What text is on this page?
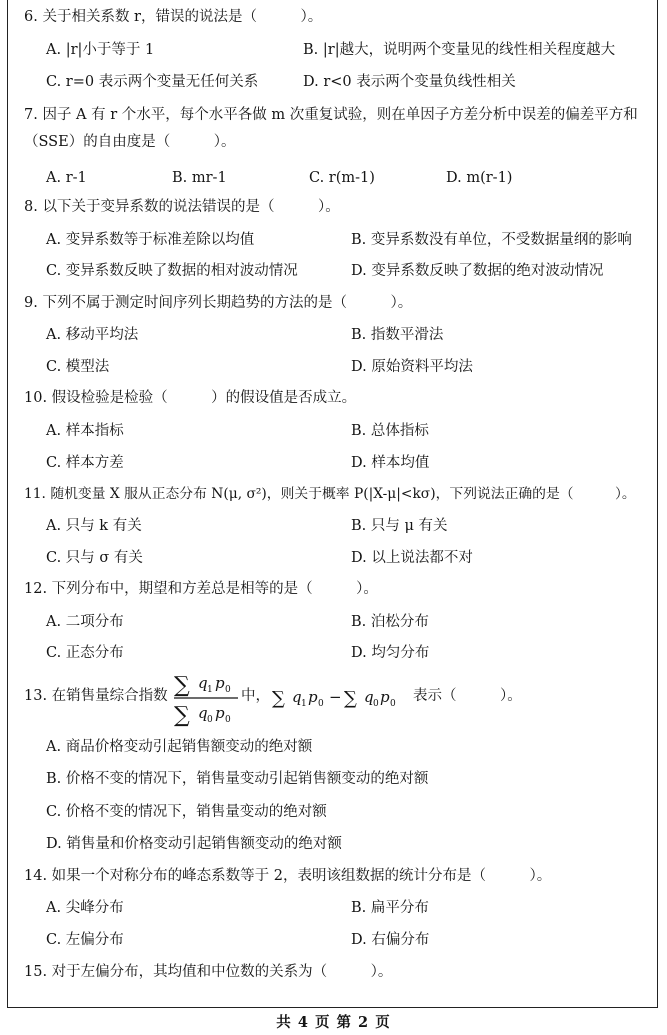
6. 关于相关系数 r，错误的说法是（　　　）。
A. |r|小于等于 1	B. |r|越大，说明两个变量见的线性相关程度越大
C. r=0 表示两个变量无任何关系	D. r<0 表示两个变量负线性相关
7. 因子 A 有 r 个水平，每个水平各做 m 次重复试验，则在单因子方差分析中误差的偏差平方和（SSE）的自由度是（　　　）。
A. r-1	B. mr-1	C. r(m-1)	D. m(r-1)
8. 以下关于变异系数的说法错误的是（　　　）。
A. 变异系数等于标准差除以均值	B. 变异系数没有单位，不受数据量纲的影响
C. 变异系数反映了数据的相对波动情况	D. 变异系数反映了数据的绝对波动情况
9. 下列不属于测定时间序列长期趋势的方法的是（　　　）。
A. 移动平均法	B. 指数平滑法
C. 模型法	D. 原始资料平均法
10. 假设检验是检验（　　　）的假设值是否成立。
A. 样本指标	B. 总体指标
C. 样本方差	D. 样本均值
11. 随机变量 X 服从正态分布 N(μ, σ²)，则关于概率 P(|X-μ|<kσ)，下列说法正确的是（　　　）。
A. 只与 k 有关	B. 只与 μ 有关
C. 只与 σ 有关	D. 以上说法都不对
12. 下列分布中，期望和方差总是相等的是（　　　）。
A. 二项分布	B. 泊松分布
C. 正态分布	D. 均匀分布
13. 在销售量综合指数 ∑ q 1 p 0
∑ q 0 p 0
中， ∑ q 1 p 0 − ∑ q 0 p 0 表示（　　　）。
A. 商品价格变动引起销售额变动的绝对额
B. 价格不变的情况下，销售量变动引起销售额变动的绝对额
C. 价格不变的情况下，销售量变动的绝对额
D. 销售量和价格变动引起销售额变动的绝对额
14. 如果一个对称分布的峰态系数等于 2，表明该组数据的统计分布是（　　　）。
A. 尖峰分布	B. 扁平分布
C. 左偏分布	D. 右偏分布
15. 对于左偏分布，其均值和中位数的关系为（　　　）。
共 4 页 第 2 页
